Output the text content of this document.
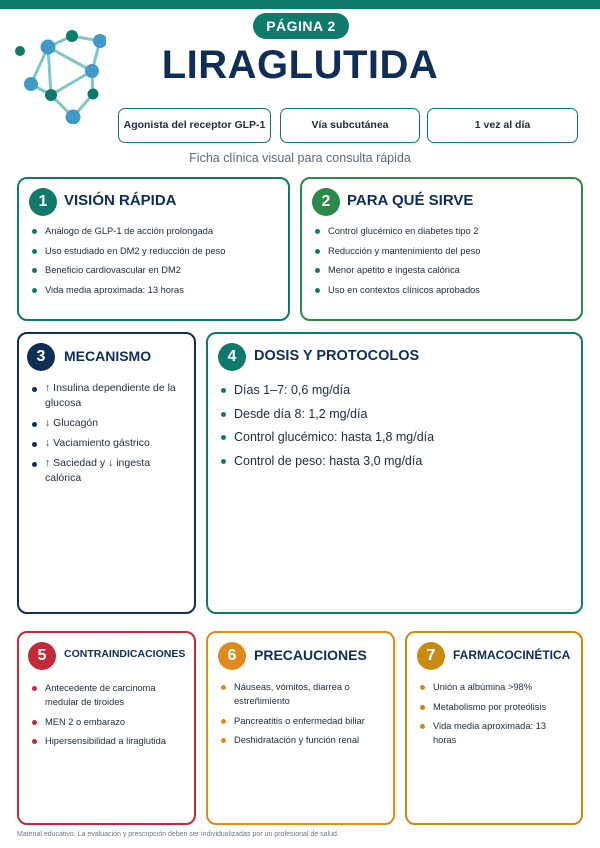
PÁGINA 2
LIRAGLUTIDA
Agonista del receptor GLP-1	Vía subcutánea	1 vez al día
Ficha clínica visual para consulta rápida
1	VISIÓN RÁPIDA
Análogo de GLP-1 de acción prolongada
Uso estudiado en DM2 y reducción de peso
Beneficio cardiovascular en DM2
Vida media aproximada: 13 horas
2	PARA QUÉ SIRVE
Control glucémico en diabetes tipo 2
Reducción y mantenimiento del peso
Menor apetito e ingesta calórica
Uso en contextos clínicos aprobados
3	MECANISMO
↑ Insulina dependiente de la glucosa
↓ Glucagón
↓ Vaciamiento gástrico
↑ Saciedad y ↓ ingesta calórica
4	DOSIS Y PROTOCOLOS
Días 1–7: 0,6 mg/día
Desde día 8: 1,2 mg/día
Control glucémico: hasta 1,8 mg/día
Control de peso: hasta 3,0 mg/día
5	CONTRAINDICACIONES
Antecedente de carcinoma medular de tiroides
MEN 2 o embarazo
Hipersensibilidad a liraglutida
6	PRECAUCIONES
Náuseas, vómitos, diarrea o estreñimiento
Pancreatitis o enfermedad biliar
Deshidratación y función renal
7	FARMACOCINÉTICA
Unión a albúmina >98%
Metabolismo por proteólisis
Vida media aproximada: 13 horas
Material educativo. La evaluación y prescripción deben ser individualizadas por un profesional de salud.
